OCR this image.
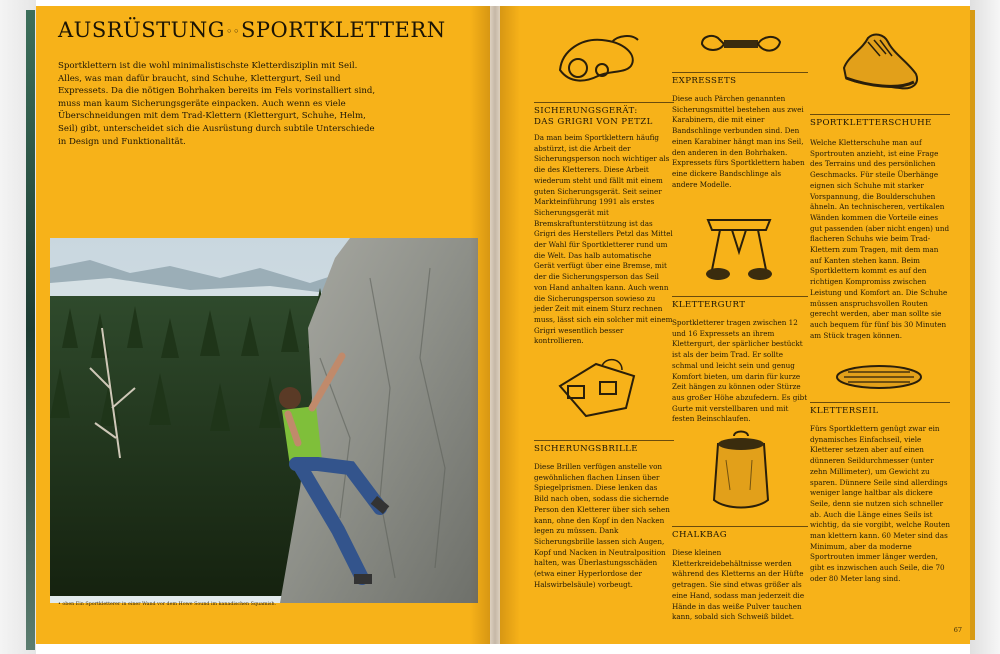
AUSRÜSTUNG◦◦SPORTKLETTERN

Sportklettern ist die wohl minimalistischste Kletterdisziplin mit Seil. Alles, was man dafür braucht, sind Schuhe, Klettergurt, Seil und Expressets. Da die nötigen Bohrhaken bereits im Fels vorinstalliert sind, muss man kaum Sicherungsgeräte einpacken. Auch wenn es viele Überschneidungen mit dem Trad-Klettern (Klettergurt, Schuhe, Helm, Seil) gibt, unterscheidet sich die Ausrüstung durch subtile Unterschiede in Design und Funktionalität.

• oben Ein Sportkletterer in einer Wand vor dem Howe Sound im kanadischen Squamish.
SICHERUNGSGERÄT:
DAS GRIGRI VON PETZL

Da man beim Sportklettern häufig abstürzt, ist die Arbeit der Sicherungsperson noch wichtiger als die des Kletterers. Diese Arbeit wiederum steht und fällt mit einem guten Sicherungsgerät. Seit seiner Markteinführung 1991 als erstes Sicherungsgerät mit Bremskraftunterstützung ist das Grigri des Herstellers Petzl das Mittel der Wahl für Sportkletterer rund um die Welt. Das halb automatische Gerät verfügt über eine Bremse, mit der die Sicherungsperson das Seil von Hand anhalten kann. Auch wenn die Sicherungsperson sowieso zu jeder Zeit mit einem Sturz rechnen muss, lässt sich ein solcher mit einem Grigri wesentlich besser kontrollieren.

SICHERUNGSBRILLE

Diese Brillen verfügen anstelle von gewöhnlichen flachen Linsen über Spiegelprismen. Diese lenken das Bild nach oben, sodass die sichernde Person den Kletterer über sich sehen kann, ohne den Kopf in den Nacken legen zu müssen. Dank Sicherungsbrille lassen sich Augen, Kopf und Nacken in Neutralposition halten, was Überlastungsschäden (etwa einer Hyperlordose der Halswirbelsäule) vorbeugt.

EXPRESSETS

Diese auch Pärchen genannten Sicherungsmittel bestehen aus zwei Karabinern, die mit einer Bandschlinge verbunden sind. Den einen Karabiner hängt man ins Seil, den anderen in den Bohrhaken. Expressets fürs Sportklettern haben eine dickere Bandschlinge als andere Modelle.

KLETTERGURT

Sportkletterer tragen zwischen 12 und 16 Expressets an ihrem Klettergurt, der spärlicher bestückt ist als der beim Trad. Er sollte schmal und leicht sein und genug Komfort bieten, um darin für kurze Zeit hängen zu können oder Stürze aus großer Höhe abzufedern. Es gibt Gurte mit verstellbaren und mit festen Beinschlaufen.

CHALKBAG

Diese kleinen Kletterkreidebehältnisse werden während des Kletterns an der Hüfte getragen. Sie sind etwas größer als eine Hand, sodass man jederzeit die Hände in das weiße Pulver tauchen kann, sobald sich Schweiß bildet.

SPORTKLETTERSCHUHE

Welche Kletterschuhe man auf Sportrouten anzieht, ist eine Frage des Terrains und des persönlichen Geschmacks. Für steile Überhänge eignen sich Schuhe mit starker Vorspannung, die Boulderschuhen ähneln. An technischeren, vertikalen Wänden kommen die Vorteile eines gut passenden (aber nicht engen) und flacheren Schuhs wie beim Trad-Klettern zum Tragen, mit dem man auf Kanten stehen kann. Beim Sportklettern kommt es auf den richtigen Kompromiss zwischen Leistung und Komfort an. Die Schuhe müssen anspruchsvollen Routen gerecht werden, aber man sollte sie auch bequem für fünf bis 30 Minuten am Stück tragen können.

KLETTERSEIL

Fürs Sportklettern genügt zwar ein dynamisches Einfachseil, viele Kletterer setzen aber auf einen dünneren Seildurchmesser (unter zehn Millimeter), um Gewicht zu sparen. Dünnere Seile sind allerdings weniger lange haltbar als dickere Seile, denn sie nutzen sich schneller ab. Auch die Länge eines Seils ist wichtig, da sie vorgibt, welche Routen man klettern kann. 60 Meter sind das Minimum, aber da moderne Sportrouten immer länger werden, gibt es inzwischen auch Seile, die 70 oder 80 Meter lang sind.

67
